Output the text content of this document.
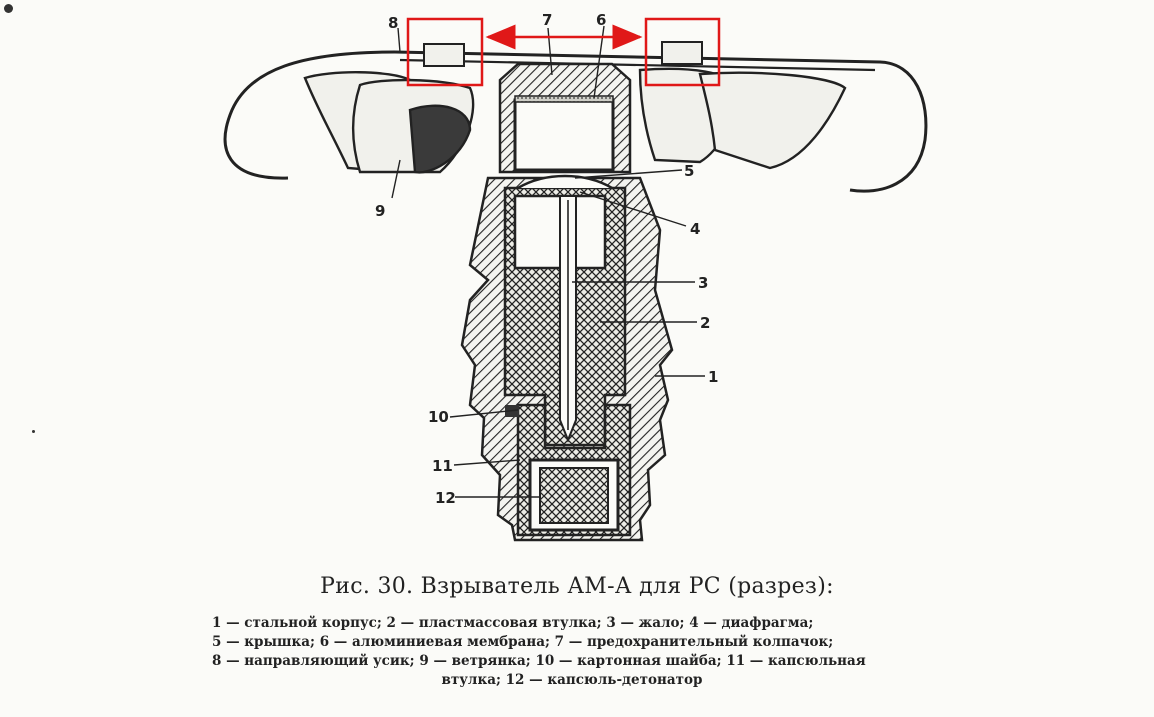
8	7	6
9
5
4
3
2
1
10
11
12
Рис. 30. Взрыватель АМ-А для РС (разрез):
1 — стальной корпус; 2 — пластмассовая втулка; 3 — жало; 4 — диафрагма;
5 — крышка; 6 — алюминиевая мембрана; 7 — предохранительный колпачок;
8 — направляющий усик; 9 — ветрянка; 10 — картонная шайба; 11 — капсюльная
втулка; 12 — капсюль-детонатор
